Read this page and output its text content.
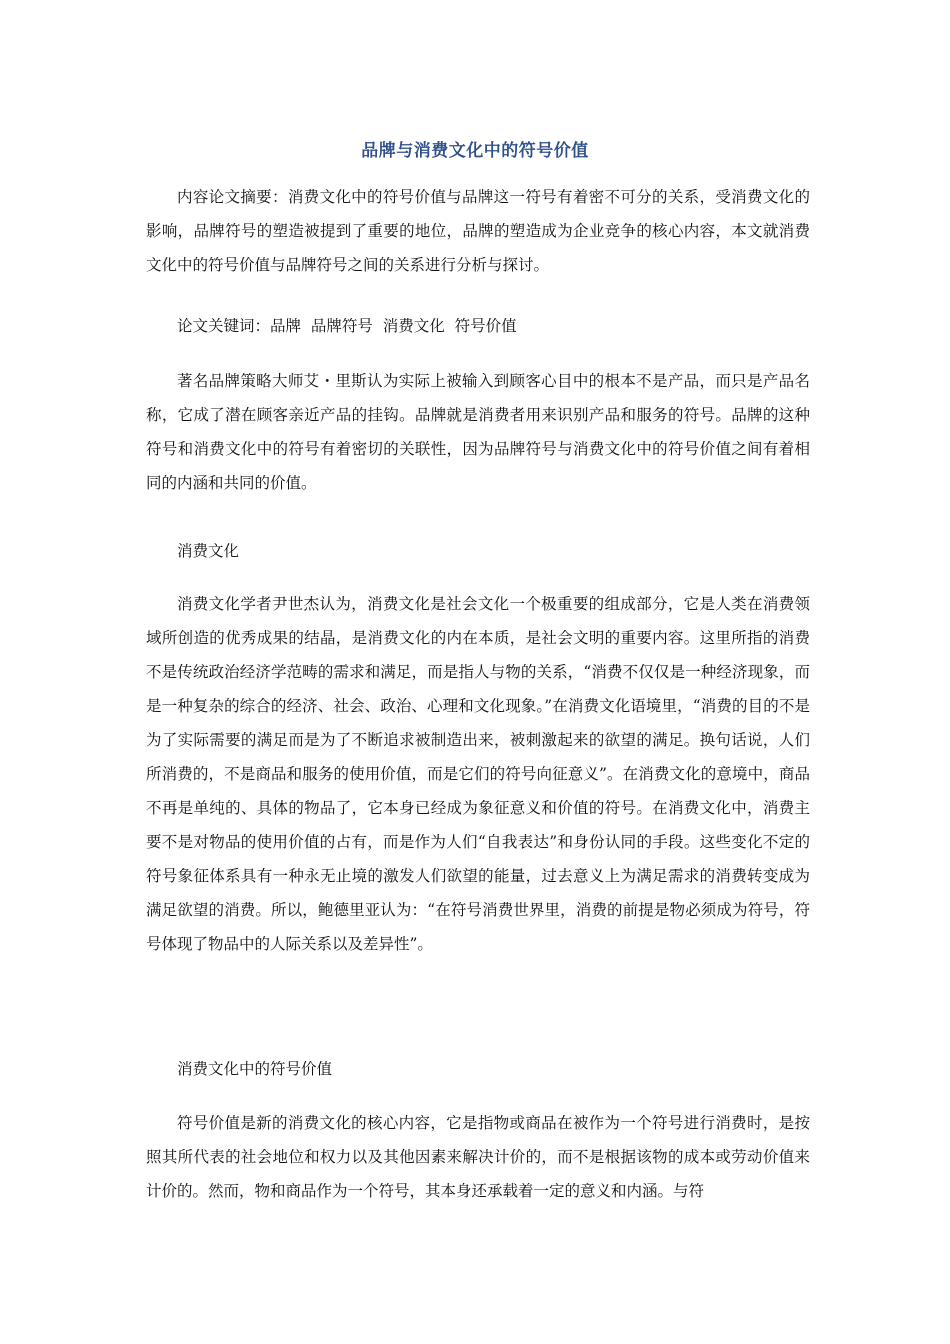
品牌与消费文化中的符号价值

内容论文摘要：消费文化中的符号价值与品牌这一符号有着密不可分的关系，受消费文化的影响，品牌符号的塑造被提到了重要的地位，品牌的塑造成为企业竞争的核心内容，本文就消费文化中的符号价值与品牌符号之间的关系进行分析与探讨。

论文关键词：品牌  品牌符号  消费文化  符号价值

著名品牌策略大师艾・里斯认为实际上被输入到顾客心目中的根本不是产品，而只是产品名称，它成了潜在顾客亲近产品的挂钩。品牌就是消费者用来识别产品和服务的符号。品牌的这种符号和消费文化中的符号有着密切的关联性，因为品牌符号与消费文化中的符号价值之间有着相同的内涵和共同的价值。

消费文化

消费文化学者尹世杰认为，消费文化是社会文化一个极重要的组成部分，它是人类在消费领域所创造的优秀成果的结晶，是消费文化的内在本质，是社会文明的重要内容。这里所指的消费不是传统政治经济学范畴的需求和满足，而是指人与物的关系，“消费不仅仅是一种经济现象，而是一种复杂的综合的经济、社会、政治、心理和文化现象。”在消费文化语境里，“消费的目的不是为了实际需要的满足而是为了不断追求被制造出来，被刺激起来的欲望的满足。换句话说，人们所消费的，不是商品和服务的使用价值，而是它们的符号向征意义”。在消费文化的意境中，商品不再是单纯的、具体的物品了，它本身已经成为象征意义和价值的符号。在消费文化中，消费主要不是对物品的使用价值的占有，而是作为人们“自我表达”和身份认同的手段。这些变化不定的符号象征体系具有一种永无止境的激发人们欲望的能量，过去意义上为满足需求的消费转变成为满足欲望的消费。所以，鲍德里亚认为：“在符号消费世界里，消费的前提是物必须成为符号，符号体现了物品中的人际关系以及差异性”。

消费文化中的符号价值

符号价值是新的消费文化的核心内容，它是指物或商品在被作为一个符号进行消费时，是按照其所代表的社会地位和权力以及其他因素来解决计价的，而不是根据该物的成本或劳动价值来计价的。然而，物和商品作为一个符号，其本身还承载着一定的意义和内涵。与符
